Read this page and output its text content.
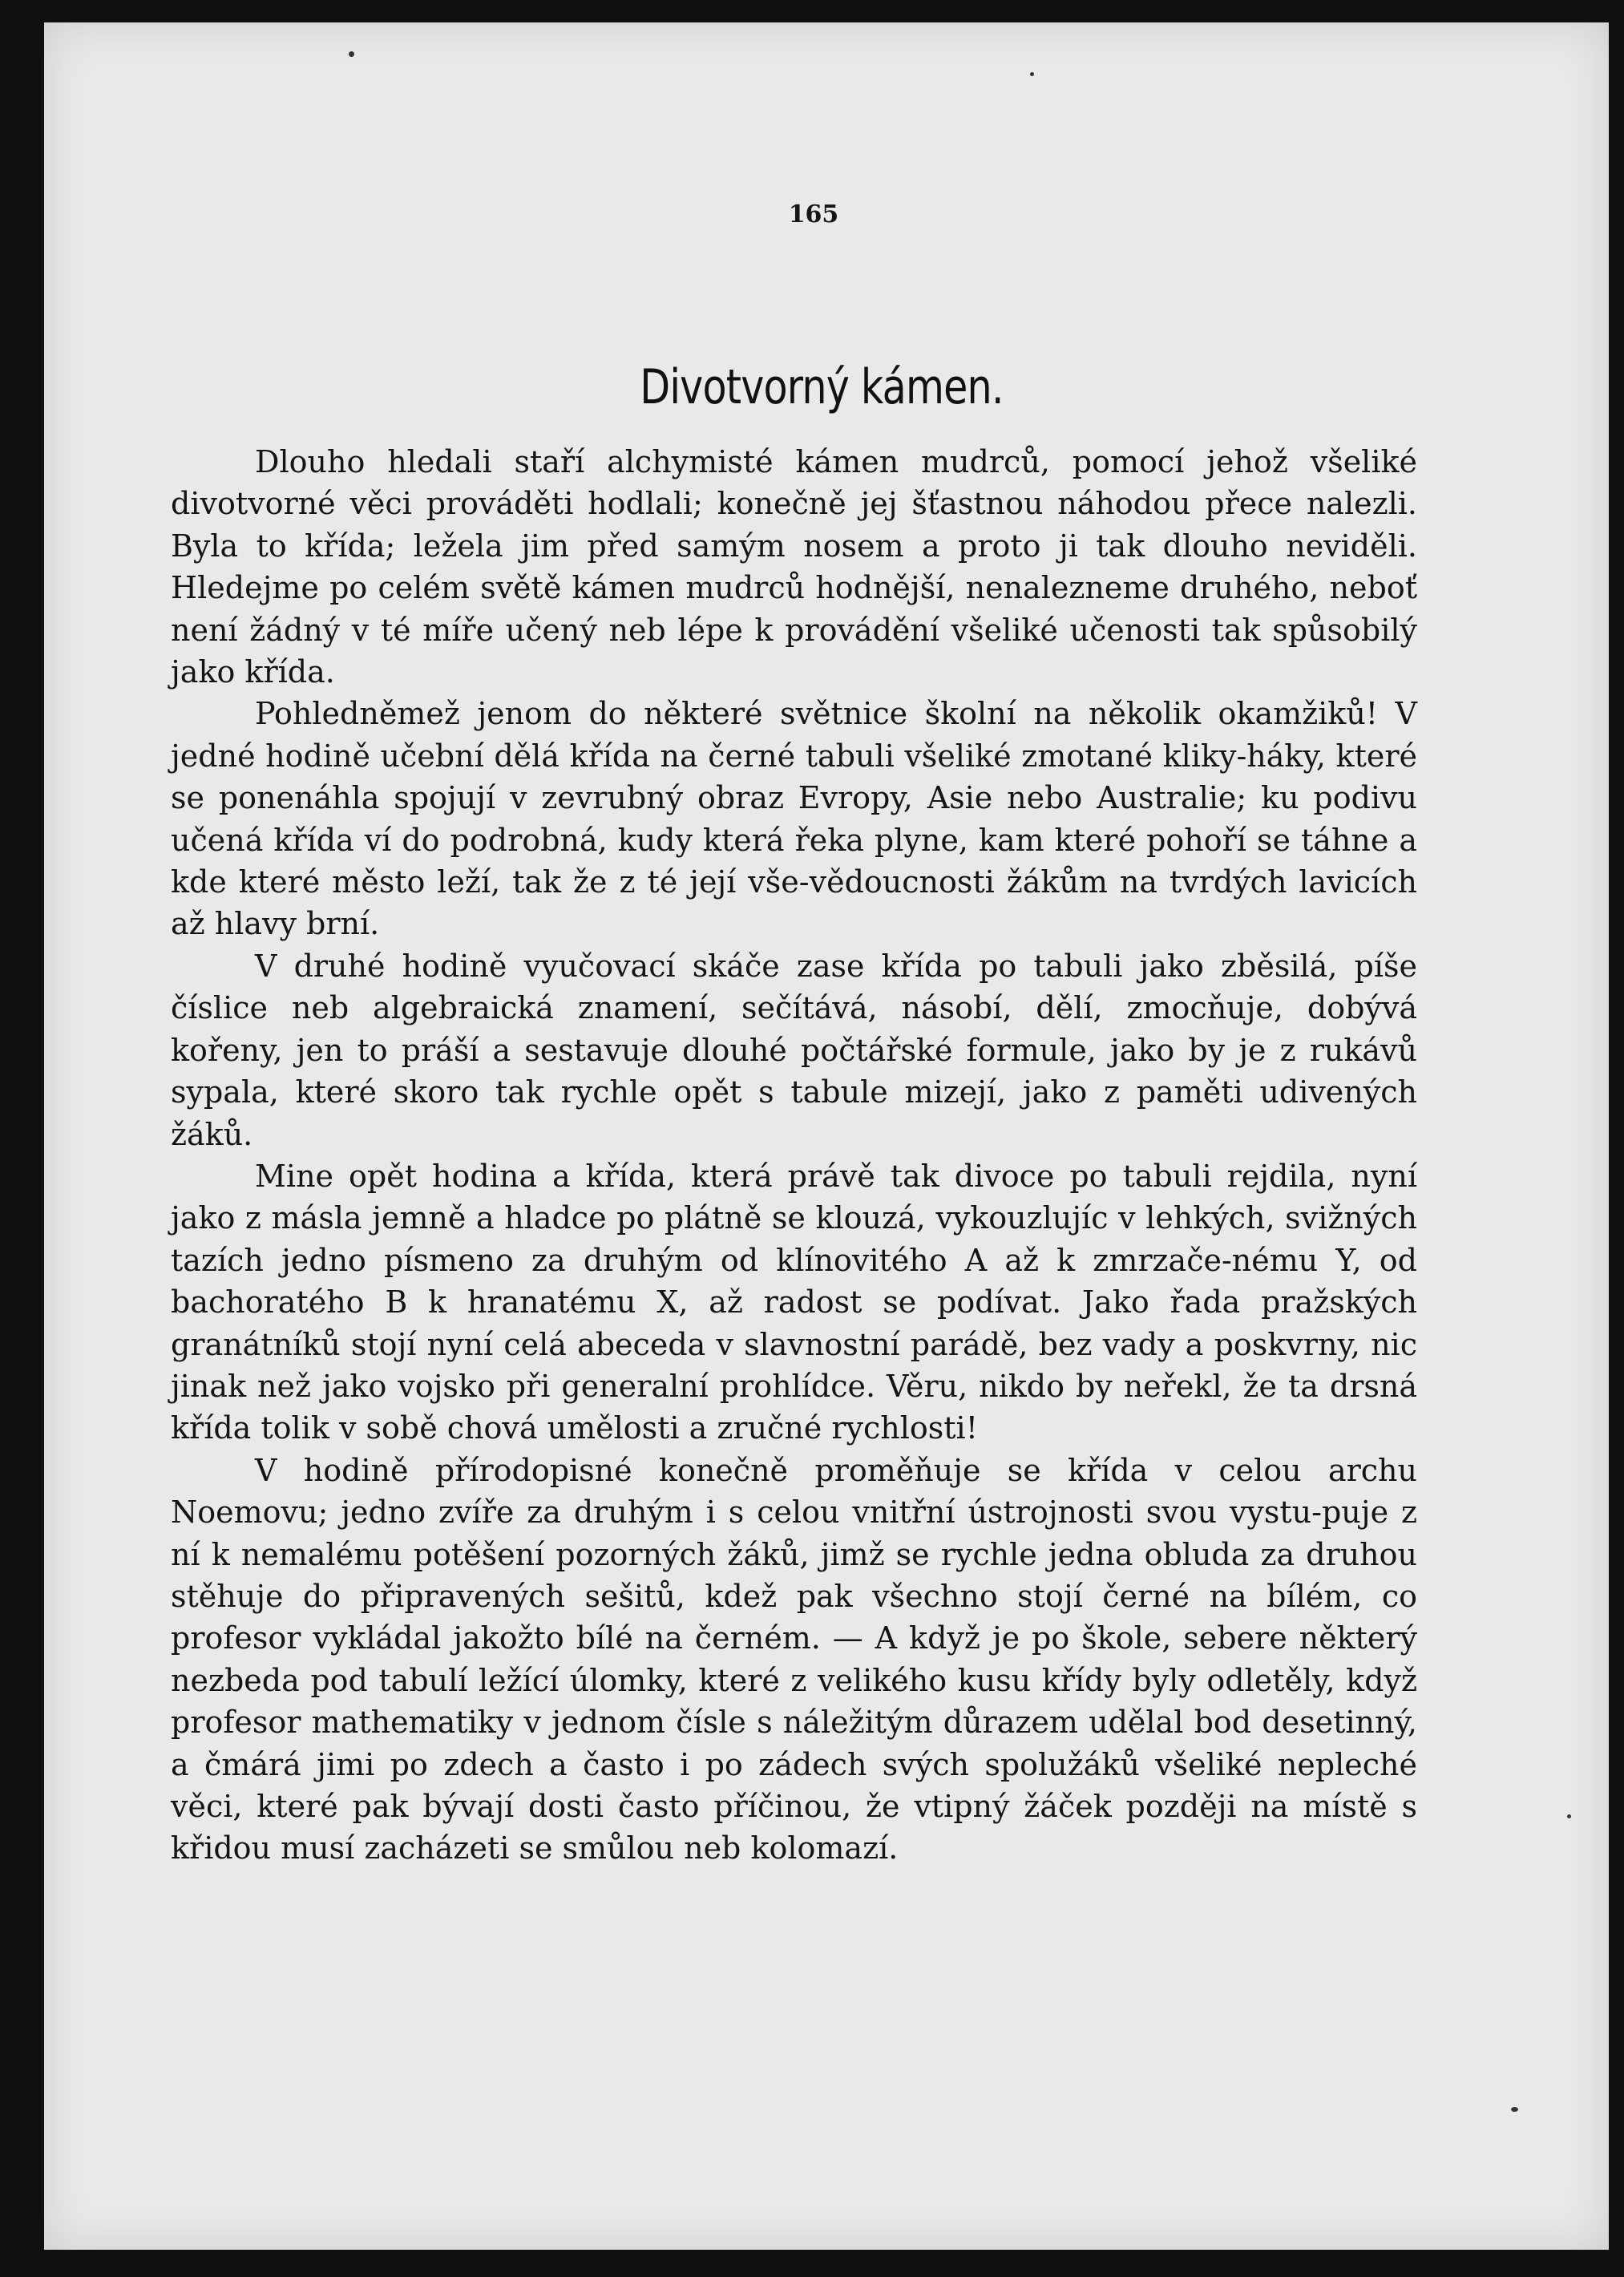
165
Divotvorný kámen.

Dlouho hledali staří alchymisté kámen mudrců, pomocí jehož všeliké divotvorné věci prováděti hodlali; konečně jej šťastnou náhodou přece nalezli. Byla to křída; ležela jim před samým nosem a proto ji tak dlouho neviděli. Hledejme po celém světě kámen mudrců hodnější, nenalezneme druhého, neboť není žádný v té míře učený neb lépe k provádění všeliké učenosti tak spůsobilý jako křída.

Pohledněmež jenom do některé světnice školní na několik okamžiků! V jedné hodině učební dělá křída na černé tabuli všeliké zmotané kliky-háky, které se ponenáhla spojují v zevrubný obraz Evropy, Asie nebo Australie; ku podivu učená křída ví do podrobná, kudy která řeka plyne, kam které pohoří se táhne a kde které město leží, tak že z té její vše-vědoucnosti žákům na tvrdých lavicích až hlavy brní.

V druhé hodině vyučovací skáče zase křída po tabuli jako zběsilá, píše číslice neb algebraická znamení, sečítává, násobí, dělí, zmocňuje, dobývá kořeny, jen to práší a sestavuje dlouhé počtářské formule, jako by je z rukávů sypala, které skoro tak rychle opět s tabule mizejí, jako z paměti udivených žáků.

Mine opět hodina a křída, která právě tak divoce po tabuli rejdila, nyní jako z másla jemně a hladce po plátně se klouzá, vykouzlujíc v lehkých, svižných tazích jedno písmeno za druhým od klínovitého A až k zmrzače-nému Y, od bachoratého B k hranatému X, až radost se podívat. Jako řada pražských granátníků stojí nyní celá abeceda v slavnostní parádě, bez vady a poskvrny, nic jinak než jako vojsko při generalní prohlídce. Věru, nikdo by neřekl, že ta drsná křída tolik v sobě chová umělosti a zručné rychlosti!

V hodině přírodopisné konečně proměňuje se křída v celou archu Noemovu; jedno zvíře za druhým i s celou vnitřní ústrojnosti svou vystu-puje z ní k nemalému potěšení pozorných žáků, jimž se rychle jedna obluda za druhou stěhuje do připravených sešitů, kdež pak všechno stojí černé na bílém, co profesor vykládal jakožto bílé na černém. — A když je po škole, sebere některý nezbeda pod tabulí ležící úlomky, které z velikého kusu křídy byly odletěly, když profesor mathematiky v jednom čísle s náležitým důrazem udělal bod desetinný, a čmárá jimi po zdech a často i po zádech svých spolužáků všeliké nepleché věci, které pak bývají dosti často příčinou, že vtipný žáček později na místě s křidou musí zacházeti se smůlou neb kolomazí.
